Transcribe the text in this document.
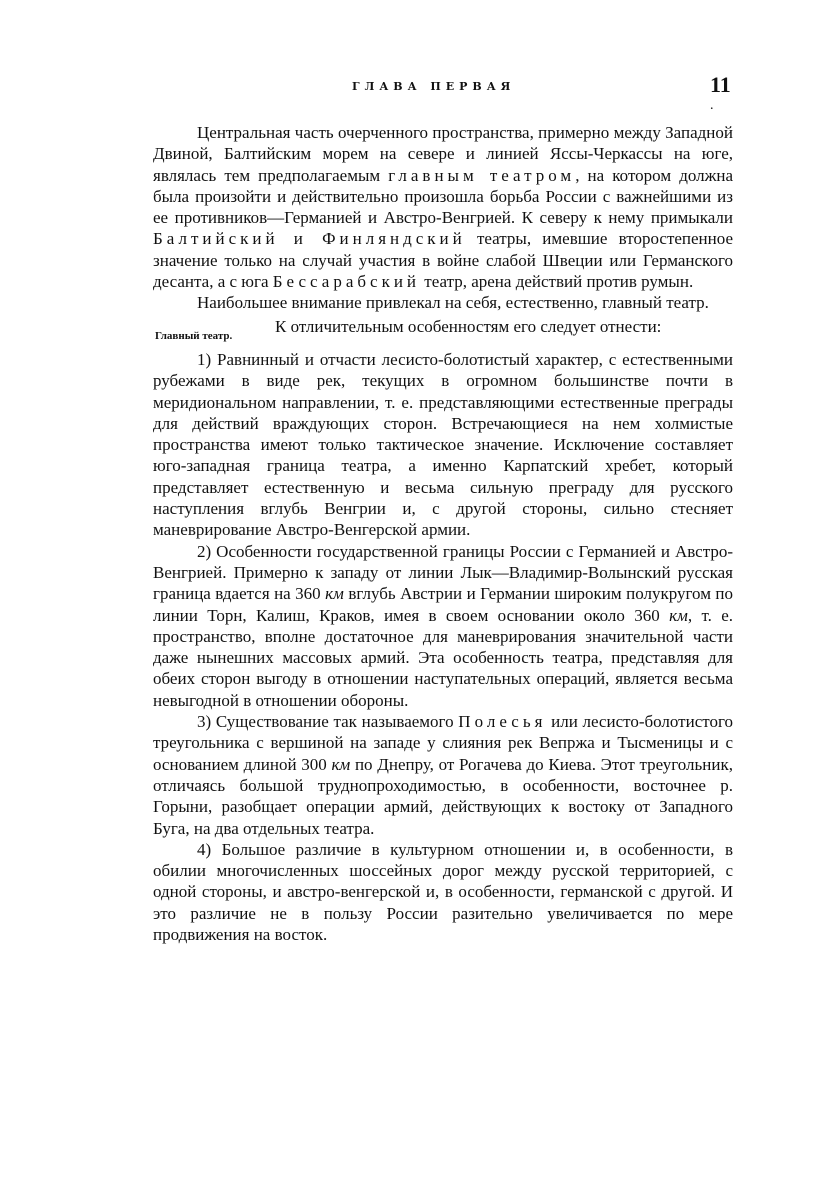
ГЛАВА ПЕРВАЯ	11
.

Центральная часть очерченного пространства, примерно между Западной Двиной, Балтийским морем на севере и линией Яссы-Черкассы на юге, являлась тем предполагаемым главным театром, на котором должна была произойти и действительно произошла борьба России с важнейшими из ее противников—Германией и Австро-Венгрией. К северу к нему примыкали Балтийский и Финляндский театры, имевшие второстепенное значение только на случай участия в войне слабой Швеции или Германского десанта, а с юга Бессарабский театр, арена действий против румын.

Наибольшее внимание привлекал на себя, естественно, главный театр.

Главный театр.	К отличительным особенностям его следует отнести:

1) Равнинный и отчасти лесисто-болотистый характер, с естественными рубежами в виде рек, текущих в огромном большинстве почти в меридиональном направлении, т. е. представляющими естественные преграды для действий враждующих сторон. Встречающиеся на нем холмистые пространства имеют только тактическое значение. Исключение составляет юго-западная граница театра, а именно Карпатский хребет, который представляет естественную и весьма сильную преграду для русского наступления вглубь Венгрии и, с другой стороны, сильно стесняет маневрирование Австро-Венгерской армии.

2) Особенности государственной границы России с Германией и Австро-Венгрией. Примерно к западу от линии Лык—Владимир-Волынский русская граница вдается на 360 км вглубь Австрии и Германии широким полукругом по линии Торн, Калиш, Краков, имея в своем основании около 360 км, т. е. пространство, вполне достаточное для маневрирования значительной части даже нынешних массовых армий. Эта особенность театра, представляя для обеих сторон выгоду в отношении наступательных операций, является весьма невыгодной в отношении обороны.

3) Существование так называемого Полесья или лесисто-болотистого треугольника с вершиной на западе у слияния рек Вепржа и Тысменицы и с основанием длиной 300 км по Днепру, от Рогачева до Киева. Этот треугольник, отличаясь большой труднопроходимостью, в особенности, восточнее р. Горыни, разобщает операции армий, действующих к востоку от Западного Буга, на два отдельных театра.

4) Большое различие в культурном отношении и, в особенности, в обилии многочисленных шоссейных дорог между русской территорией, с одной стороны, и австро-венгерской и, в особенности, германской с другой. И это различие не в пользу России разительно увеличивается по мере продвижения на восток.
